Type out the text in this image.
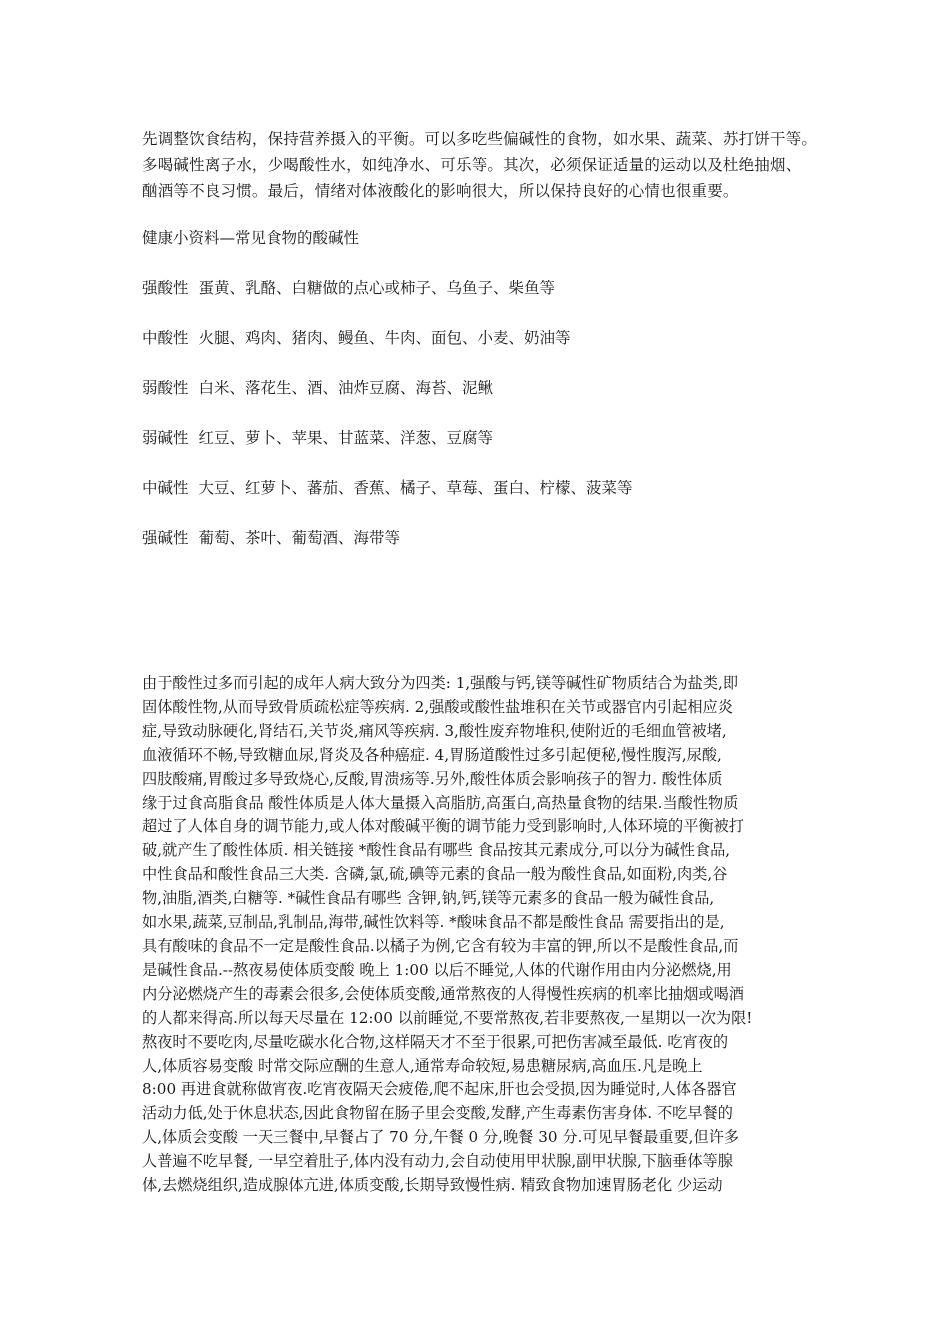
先调整饮食结构，保持营养摄入的平衡。可以多吃些偏碱性的食物，如水果、蔬菜、苏打饼干等。
多喝碱性离子水，少喝酸性水，如纯净水、可乐等。其次，必须保证适量的运动以及杜绝抽烟、
酗酒等不良习惯。最后，情绪对体液酸化的影响很大，所以保持良好的心情也很重要。

健康小资料—常见食物的酸碱性

强酸性 蛋黄、乳酪、白糖做的点心或柿子、乌鱼子、柴鱼等

中酸性 火腿、鸡肉、猪肉、鳗鱼、牛肉、面包、小麦、奶油等

弱酸性 白米、落花生、酒、油炸豆腐、海苔、泥鳅

弱碱性 红豆、萝卜、苹果、甘蓝菜、洋葱、豆腐等

中碱性 大豆、红萝卜、蕃茄、香蕉、橘子、草莓、蛋白、柠檬、菠菜等

强碱性 葡萄、茶叶、葡萄酒、海带等

由于酸性过多而引起的成年人病大致分为四类: 1,强酸与钙,镁等碱性矿物质结合为盐类,即
固体酸性物,从而导致骨质疏松症等疾病. 2,强酸或酸性盐堆积在关节或器官内引起相应炎
症,导致动脉硬化,肾结石,关节炎,痛风等疾病. 3,酸性废弃物堆积,使附近的毛细血管被堵,
血液循环不畅,导致糖血尿,肾炎及各种癌症. 4,胃肠道酸性过多引起便秘,慢性腹泻,尿酸,
四肢酸痛,胃酸过多导致烧心,反酸,胃溃疡等.另外,酸性体质会影响孩子的智力. 酸性体质
缘于过食高脂食品 酸性体质是人体大量摄入高脂肪,高蛋白,高热量食物的结果.当酸性物质
超过了人体自身的调节能力,或人体对酸碱平衡的调节能力受到影响时,人体环境的平衡被打
破,就产生了酸性体质. 相关链接 *酸性食品有哪些 食品按其元素成分,可以分为碱性食品,
中性食品和酸性食品三大类. 含磷,氯,硫,碘等元素的食品一般为酸性食品,如面粉,肉类,谷
物,油脂,酒类,白糖等. *碱性食品有哪些 含钾,钠,钙,镁等元素多的食品一般为碱性食品,
如水果,蔬菜,豆制品,乳制品,海带,碱性饮料等. *酸味食品不都是酸性食品 需要指出的是,
具有酸味的食品不一定是酸性食品.以橘子为例,它含有较为丰富的钾,所以不是酸性食品,而
是碱性食品.--熬夜易使体质变酸 晚上 1:00 以后不睡觉,人体的代谢作用由内分泌燃烧,用
内分泌燃烧产生的毒素会很多,会使体质变酸,通常熬夜的人得慢性疾病的机率比抽烟或喝酒
的人都来得高.所以每天尽量在 12:00 以前睡觉,不要常熬夜,若非要熬夜,一星期以一次为限!
熬夜时不要吃肉,尽量吃碳水化合物,这样隔天才不至于很累,可把伤害减至最低. 吃宵夜的
人,体质容易变酸 时常交际应酬的生意人,通常寿命较短,易患糖尿病,高血压.凡是晚上
8:00 再进食就称做宵夜.吃宵夜隔天会疲倦,爬不起床,肝也会受损,因为睡觉时,人体各器官
活动力低,处于休息状态,因此食物留在肠子里会变酸,发酵,产生毒素伤害身体. 不吃早餐的
人,体质会变酸 一天三餐中,早餐占了 70 分,午餐 0 分,晚餐 30 分.可见早餐最重要,但许多
人普遍不吃早餐, 一早空着肚子,体内没有动力,会自动使用甲状腺,副甲状腺,下脑垂体等腺
体,去燃烧组织,造成腺体亢进,体质变酸,长期导致慢性病. 精致食物加速胃肠老化 少运动
